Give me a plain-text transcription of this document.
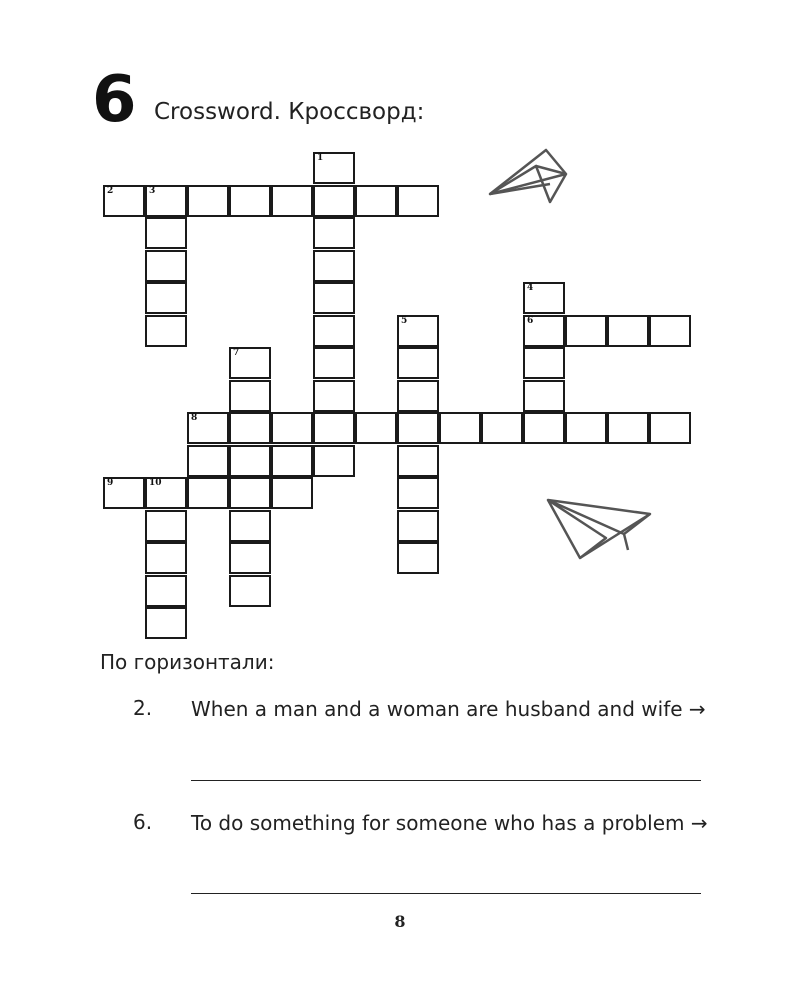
6 Crossword. Кроссворд:
1
2	3
4
6
5
7
8
9	10
По горизонтали:
2. When a man and a woman are husband and wife →
6. To do something for someone who has a problem →
8
